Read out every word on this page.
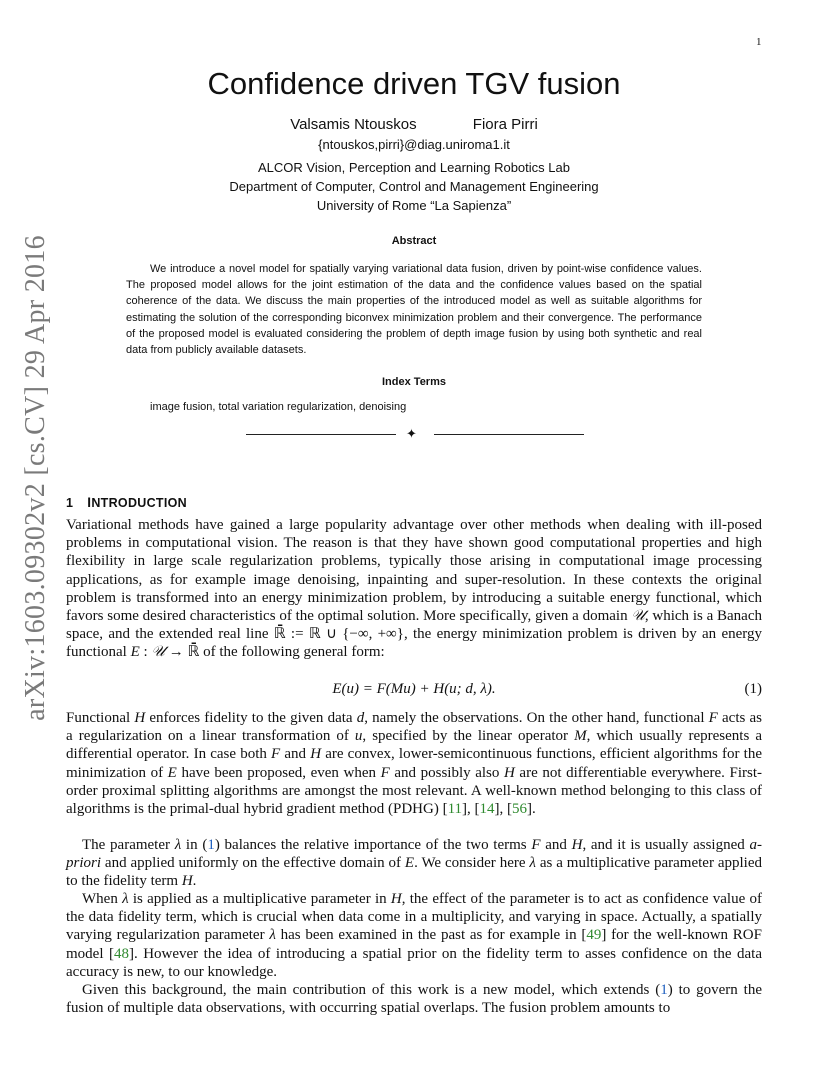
1
Confidence driven TGV fusion
Valsamis Ntouskos	Fiora Pirri
{ntouskos,pirri}@diag.uniroma1.it
ALCOR Vision, Perception and Learning Robotics Lab
Department of Computer, Control and Management Engineering
University of Rome “La Sapienza”
Abstract
We introduce a novel model for spatially varying variational data fusion, driven by point-wise confidence values. The proposed model allows for the joint estimation of the data and the confidence values based on the spatial coherence of the data. We discuss the main properties of the introduced model as well as suitable algorithms for estimating the solution of the corresponding biconvex minimization problem and their convergence. The performance of the proposed model is evaluated considering the problem of depth image fusion by using both synthetic and real data from publicly available datasets.
Index Terms
image fusion, total variation regularization, denoising
✦
1 INTRODUCTION
Variational methods have gained a large popularity advantage over other methods when dealing with ill-posed problems in computational vision. The reason is that they have shown good computational properties and high flexibility in large scale regularization problems, typically those arising in computational image processing applications, as for example image denoising, inpainting and super-resolution. In these contexts the original problem is transformed into an energy minimization problem, by introducing a suitable energy functional, which favors some desired characteristics of the optimal solution. More specifically, given a domain 𝒰, which is a Banach space, and the extended real line ℝ̄ := ℝ ∪ {−∞, +∞}, the energy minimization problem is driven by an energy functional E : 𝒰 → ℝ̄ of the following general form:
E(u) = F(Mu) + H(u; d, λ).	(1)
Functional H enforces fidelity to the given data d, namely the observations. On the other hand, functional F acts as a regularization on a linear transformation of u, specified by the linear operator M, which usually represents a differential operator. In case both F and H are convex, lower-semicontinuous functions, efficient algorithms for the minimization of E have been proposed, even when F and possibly also H are not differentiable everywhere. First-order proximal splitting algorithms are amongst the most relevant. A well-known method belonging to this class of algorithms is the primal-dual hybrid gradient method (PDHG) [11], [14], [56].
The parameter λ in (1) balances the relative importance of the two terms F and H, and it is usually assigned a-priori and applied uniformly on the effective domain of E. We consider here λ as a multiplicative parameter applied to the fidelity term H.
When λ is applied as a multiplicative parameter in H, the effect of the parameter is to act as confidence value of the data fidelity term, which is crucial when data come in a multiplicity, and varying in space. Actually, a spatially varying regularization parameter λ has been examined in the past as for example in [49] for the well-known ROF model [48]. However the idea of introducing a spatial prior on the fidelity term to asses confidence on the data accuracy is new, to our knowledge.
Given this background, the main contribution of this work is a new model, which extends (1) to govern the fusion of multiple data observations, with occurring spatial overlaps. The fusion problem amounts to
arXiv:1603.09302v2 [cs.CV] 29 Apr 2016
